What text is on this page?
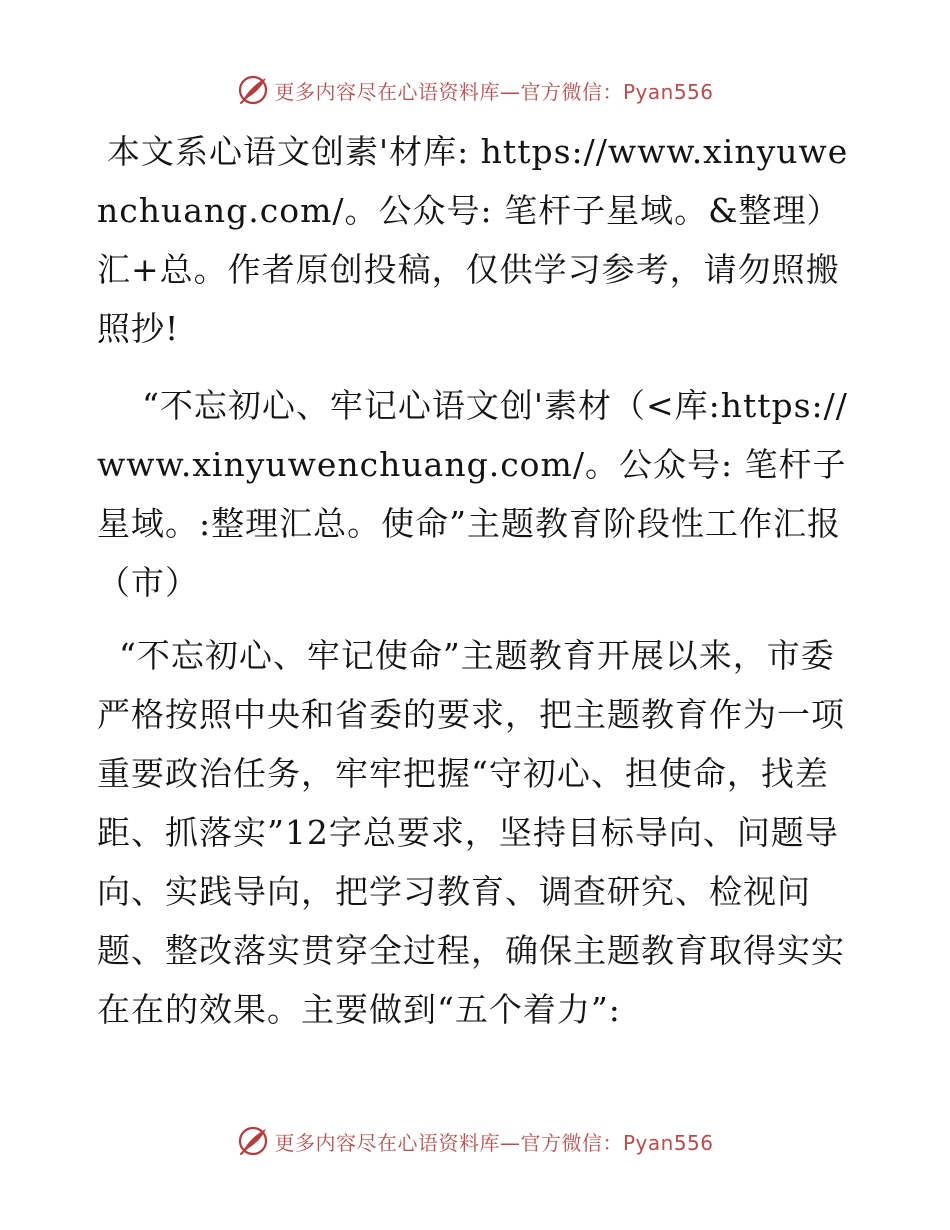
更多内容尽在心语资料库—官方微信：Pyan556

本文系心语文创素'材库: https://www.xinyuwenchuang.com/。公众号: 笔杆子星域。&整理）汇+总。作者原创投稿，仅供学习参考，请勿照搬照抄!

“不忘初心、牢记心语文创'素材（<库:https://www.xinyuwenchuang.com/。公众号: 笔杆子星域。:整理汇总。使命”主题教育阶段性工作汇报（市）

“不忘初心、牢记使命”主题教育开展以来，市委严格按照中央和省委的要求，把主题教育作为一项重要政治任务，牢牢把握“守初心、担使命，找差距、抓落实”12字总要求，坚持目标导向、问题导向、实践导向，把学习教育、调查研究、检视问题、整改落实贯穿全过程，确保主题教育取得实实在在的效果。主要做到“五个着力”:

更多内容尽在心语资料库—官方微信：Pyan556
